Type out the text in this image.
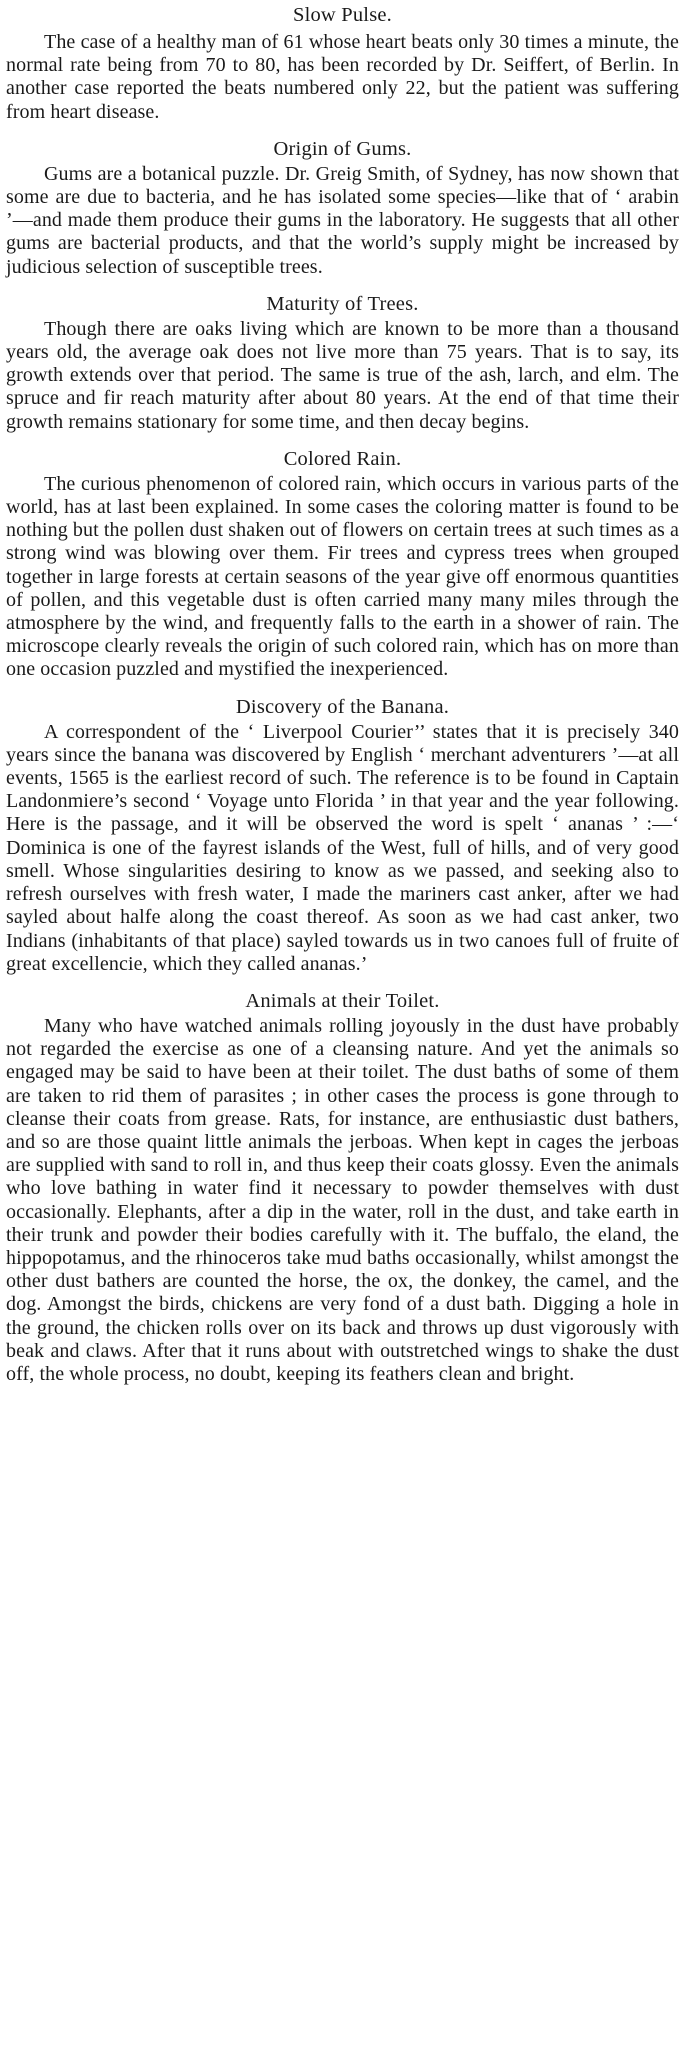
Slow Pulse.

The case of a healthy man of 61 whose heart beats only 30 times a minute, the normal rate being from 70 to 80, has been recorded by Dr. Seiffert, of Berlin. In another case reported the beats numbered only 22, but the patient was suffering from heart disease.

Origin of Gums.

Gums are a botanical puzzle. Dr. Greig Smith, of Sydney, has now shown that some are due to bacteria, and he has isolated some species—like that of ‘ arabin ’—and made them produce their gums in the laboratory. He suggests that all other gums are bacterial products, and that the world’s supply might be increased by judicious selection of susceptible trees.

Maturity of Trees.

Though there are oaks living which are known to be more than a thousand years old, the average oak does not live more than 75 years. That is to say, its growth extends over that period. The same is true of the ash, larch, and elm. The spruce and fir reach maturity after about 80 years. At the end of that time their growth remains stationary for some time, and then decay begins.

Colored Rain.

The curious phenomenon of colored rain, which occurs in various parts of the world, has at last been explained. In some cases the coloring matter is found to be nothing but the pollen dust shaken out of flowers on certain trees at such times as a strong wind was blowing over them. Fir trees and cypress trees when grouped together in large forests at certain seasons of the year give off enormous quantities of pollen, and this vegetable dust is often carried many many miles through the atmosphere by the wind, and frequently falls to the earth in a shower of rain. The microscope clearly reveals the origin of such colored rain, which has on more than one occasion puzzled and mystified the inexperienced.

Discovery of the Banana.

A correspondent of the ‘ Liverpool Courier’’ states that it is precisely 340 years since the banana was discovered by English ‘ merchant adventurers ’—at all events, 1565 is the earliest record of such. The reference is to be found in Captain Landonmiere’s second ‘ Voyage unto Florida ’ in that year and the year following. Here is the passage, and it will be observed the word is spelt ‘ ananas ’ :—‘ Dominica is one of the fayrest islands of the West, full of hills, and of very good smell. Whose singularities desiring to know as we passed, and seeking also to refresh ourselves with fresh water, I made the mariners cast anker, after we had sayled about halfe along the coast thereof. As soon as we had cast anker, two Indians (inhabitants of that place) sayled towards us in two canoes full of fruite of great excellencie, which they called ananas.’

Animals at their Toilet.

Many who have watched animals rolling joyously in the dust have probably not regarded the exercise as one of a cleansing nature. And yet the animals so engaged may be said to have been at their toilet. The dust baths of some of them are taken to rid them of parasites ; in other cases the process is gone through to cleanse their coats from grease. Rats, for instance, are enthusiastic dust bathers, and so are those quaint little animals the jerboas. When kept in cages the jerboas are supplied with sand to roll in, and thus keep their coats glossy. Even the animals who love bathing in water find it necessary to powder themselves with dust occasionally. Elephants, after a dip in the water, roll in the dust, and take earth in their trunk and powder their bodies carefully with it. The buffalo, the eland, the hippopotamus, and the rhinoceros take mud baths occasionally, whilst amongst the other dust bathers are counted the horse, the ox, the donkey, the camel, and the dog. Amongst the birds, chickens are very fond of a dust bath. Digging a hole in the ground, the chicken rolls over on its back and throws up dust vigorously with beak and claws. After that it runs about with outstretched wings to shake the dust off, the whole process, no doubt, keeping its feathers clean and bright.
